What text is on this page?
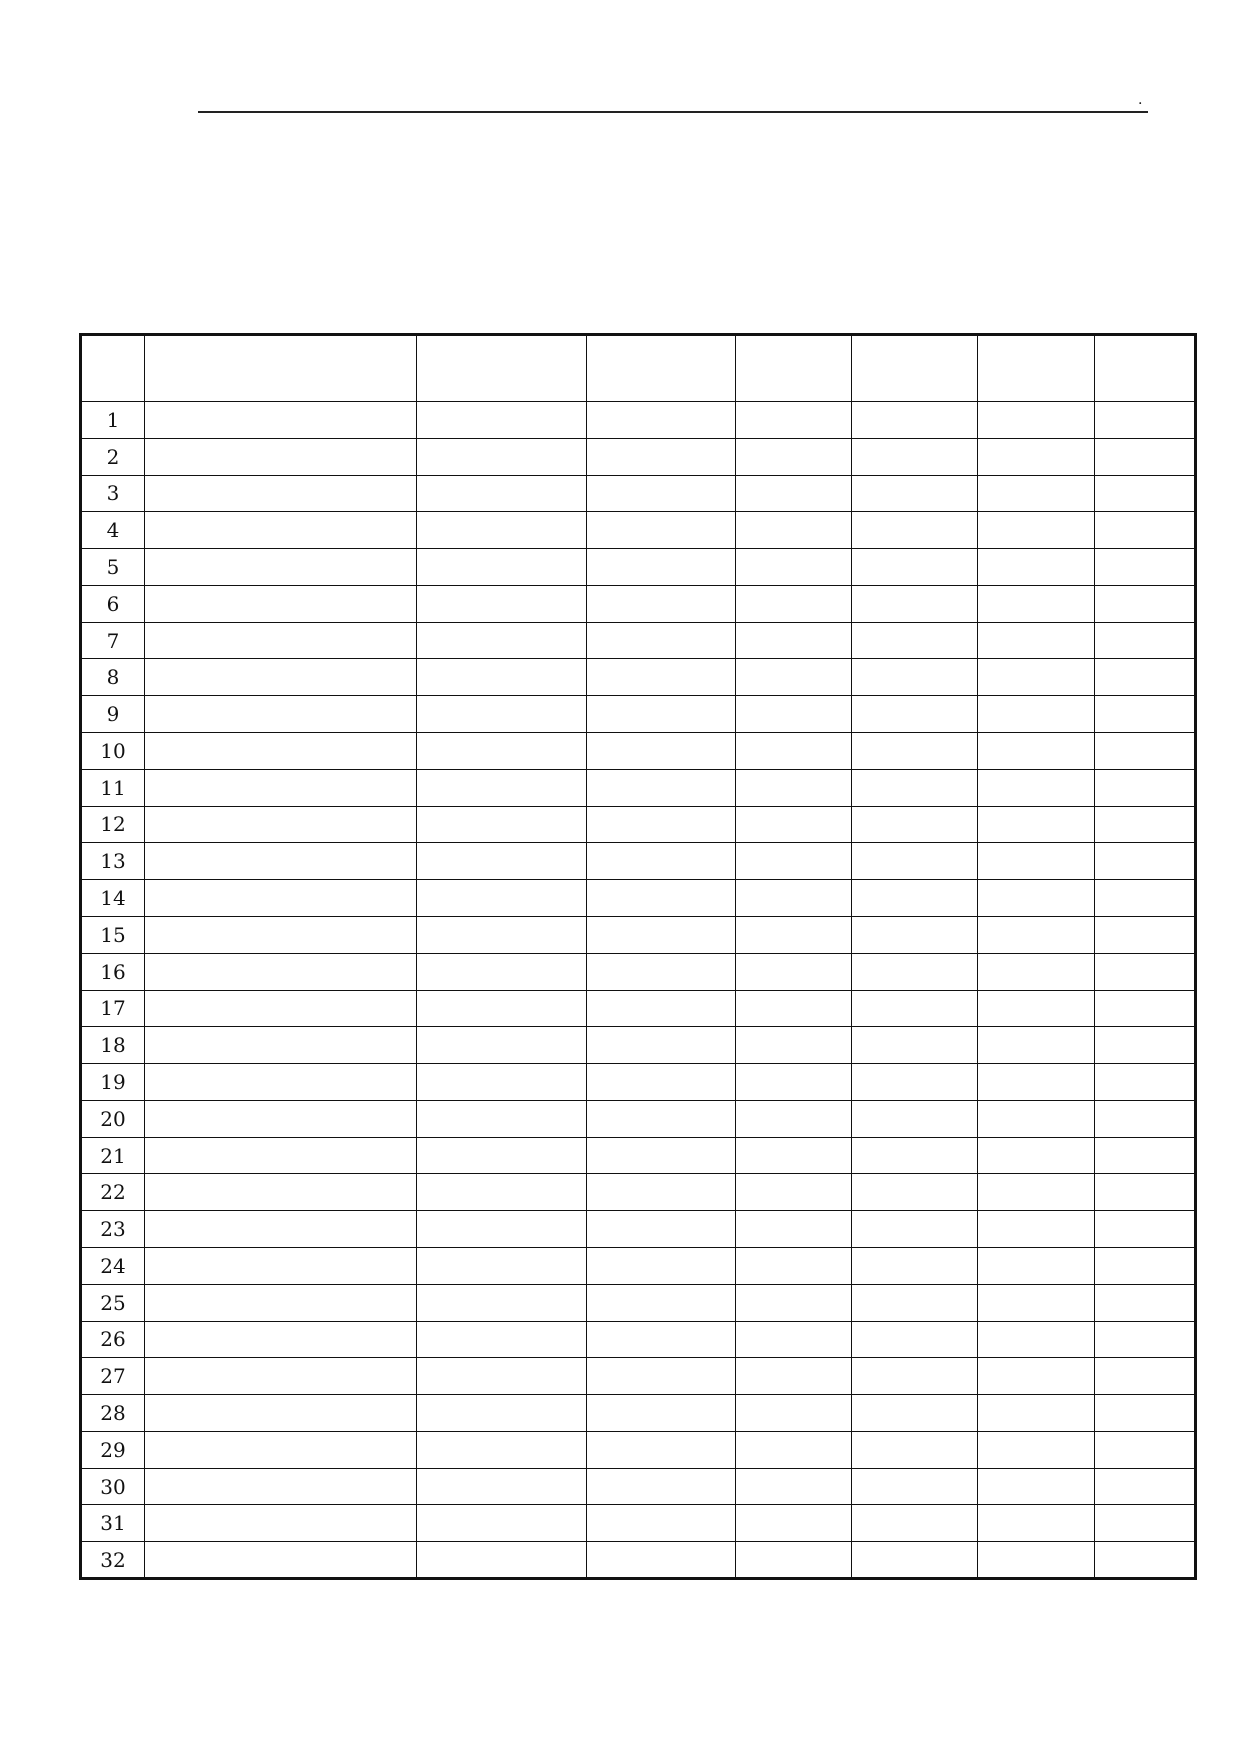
.

1							
2							
3							
4							
5							
6							
7							
8							
9							
10							
11							
12							
13							
14							
15							
16							
17							
18							
19							
20							
21							
22							
23							
24							
25							
26							
27							
28							
29							
30							
31							
32							
